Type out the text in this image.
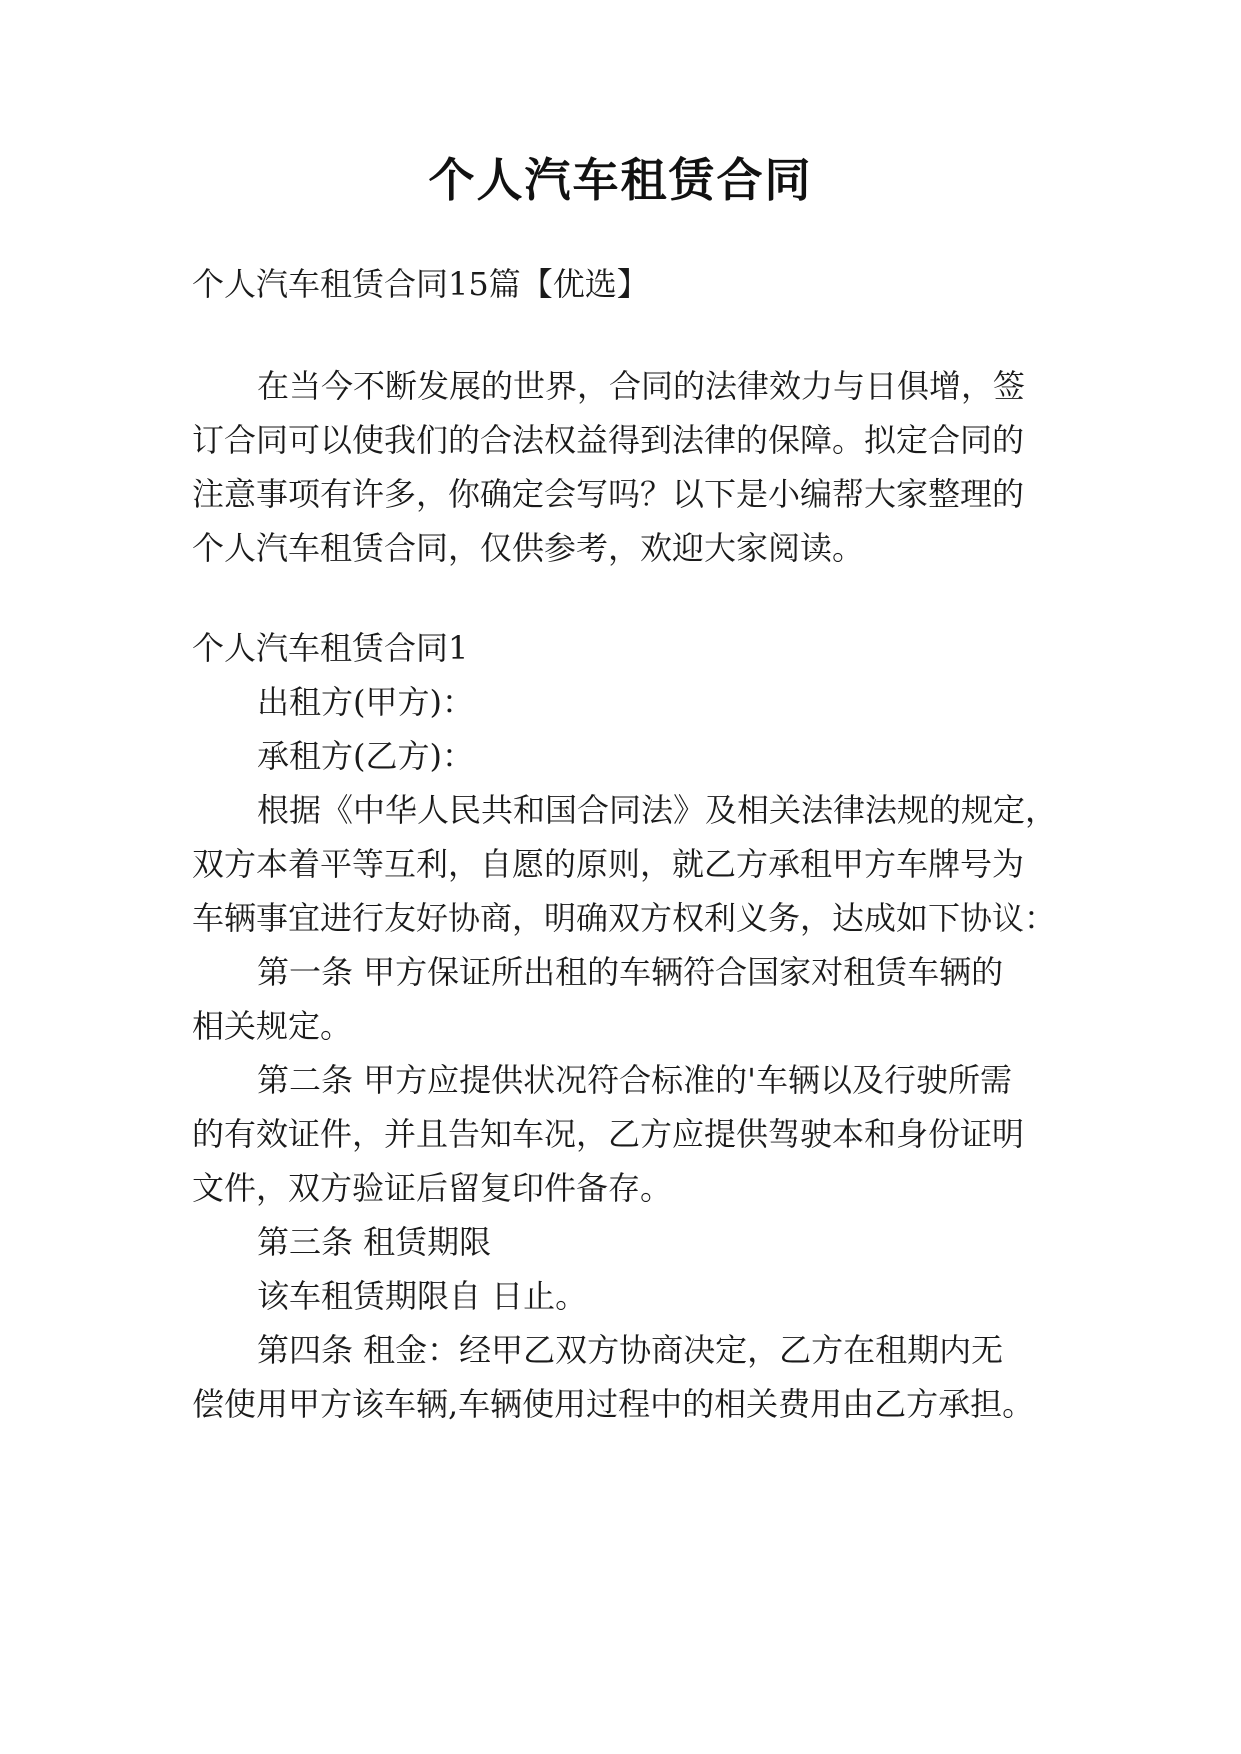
个人汽车租赁合同
个人汽车租赁合同15篇【优选】
在当今不断发展的世界，合同的法律效力与日俱增，签
订合同可以使我们的合法权益得到法律的保障。拟定合同的
注意事项有许多，你确定会写吗？以下是小编帮大家整理的
个人汽车租赁合同，仅供参考，欢迎大家阅读。
个人汽车租赁合同1
出租方(甲方)：
承租方(乙方)：
根据《中华人民共和国合同法》及相关法律法规的规定，
双方本着平等互利，自愿的原则，就乙方承租甲方车牌号为
车辆事宜进行友好协商，明确双方权利义务，达成如下协议：
第一条 甲方保证所出租的车辆符合国家对租赁车辆的
相关规定。
第二条 甲方应提供状况符合标准的'车辆以及行驶所需
的有效证件，并且告知车况，乙方应提供驾驶本和身份证明
文件，双方验证后留复印件备存。
第三条 租赁期限
该车租赁期限自 日止。
第四条 租金：经甲乙双方协商决定，乙方在租期内无
偿使用甲方该车辆,车辆使用过程中的相关费用由乙方承担。
